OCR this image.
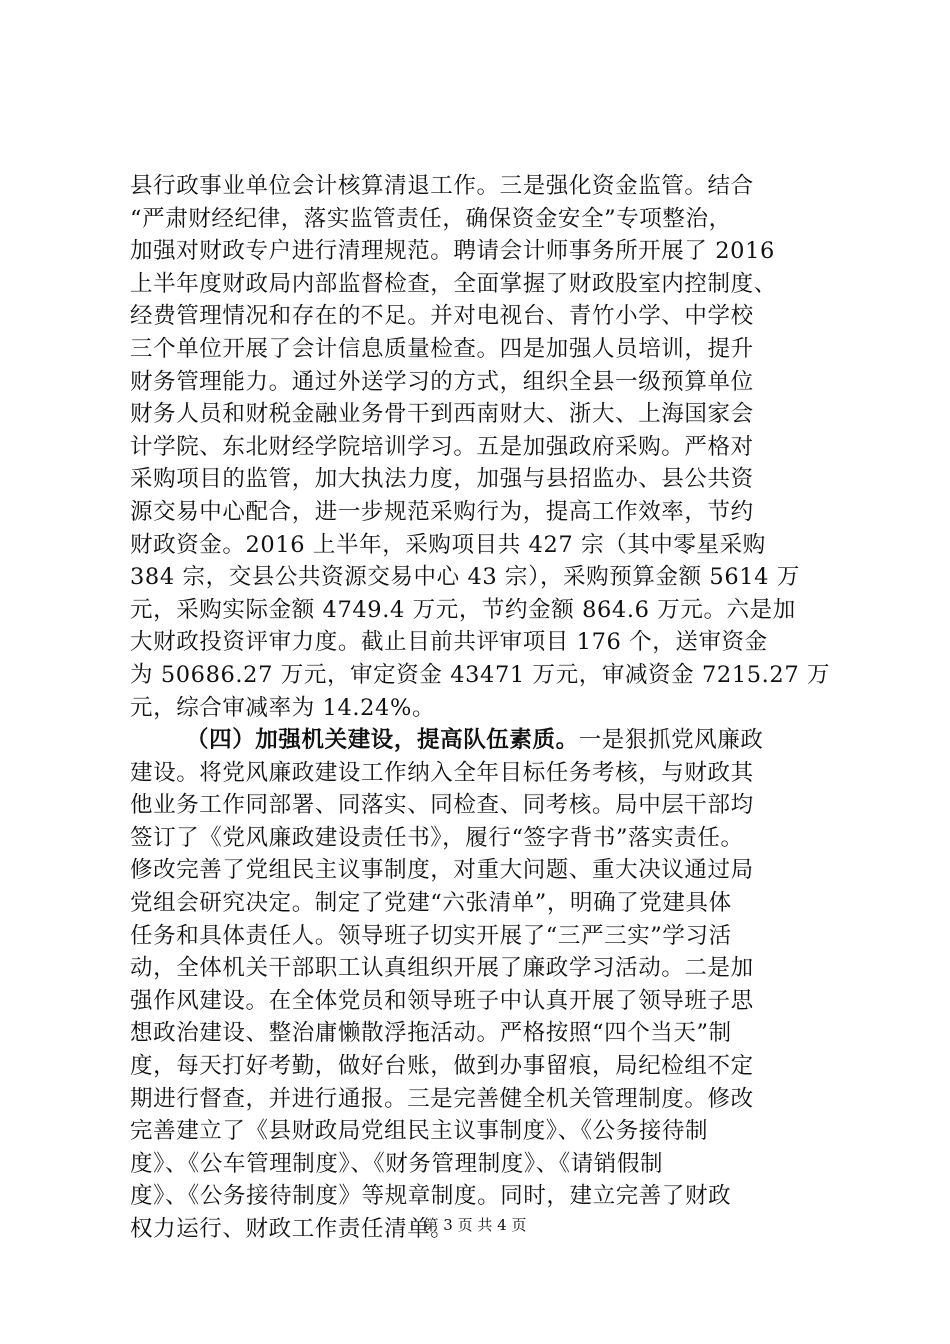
县行政事业单位会计核算清退工作。三是强化资金监管。结合
“严肃财经纪律，落实监管责任，确保资金安全”专项整治，
加强对财政专户进行清理规范。聘请会计师事务所开展了 2016
上半年度财政局内部监督检查，全面掌握了财政股室内控制度、
经费管理情况和存在的不足。并对电视台、青竹小学、中学校
三个单位开展了会计信息质量检查。四是加强人员培训，提升
财务管理能力。通过外送学习的方式，组织全县一级预算单位
财务人员和财税金融业务骨干到西南财大、浙大、上海国家会
计学院、东北财经学院培训学习。五是加强政府采购。严格对
采购项目的监管，加大执法力度，加强与县招监办、县公共资
源交易中心配合，进一步规范采购行为，提高工作效率，节约
财政资金。2016 上半年，采购项目共 427 宗（其中零星采购
384 宗，交县公共资源交易中心 43 宗），采购预算金额 5614 万
元，采购实际金额 4749.4 万元，节约金额 864.6 万元。六是加
大财政投资评审力度。截止目前共评审项目 176 个，送审资金
为 50686.27 万元，审定资金 43471 万元，审减资金 7215.27 万
元，综合审减率为 14.24%。
（四）加强机关建设，提高队伍素质。一是狠抓党风廉政
建设。将党风廉政建设工作纳入全年目标任务考核，与财政其
他业务工作同部署、同落实、同检查、同考核。局中层干部均
签订了《党风廉政建设责任书》，履行“签字背书”落实责任。
修改完善了党组民主议事制度，对重大问题、重大决议通过局
党组会研究决定。制定了党建“六张清单”，明确了党建具体
任务和具体责任人。领导班子切实开展了“三严三实”学习活
动，全体机关干部职工认真组织开展了廉政学习活动。二是加
强作风建设。在全体党员和领导班子中认真开展了领导班子思
想政治建设、整治庸懒散浮拖活动。严格按照“四个当天”制
度，每天打好考勤，做好台账，做到办事留痕，局纪检组不定
期进行督查，并进行通报。三是完善健全机关管理制度。修改
完善建立了《县财政局党组民主议事制度》、《公务接待制
度》、《公车管理制度》、《财务管理制度》、《请销假制
度》、《公务接待制度》等规章制度。同时，建立完善了财政
权力运行、财政工作责任清单。
第 3 页 共 4 页
